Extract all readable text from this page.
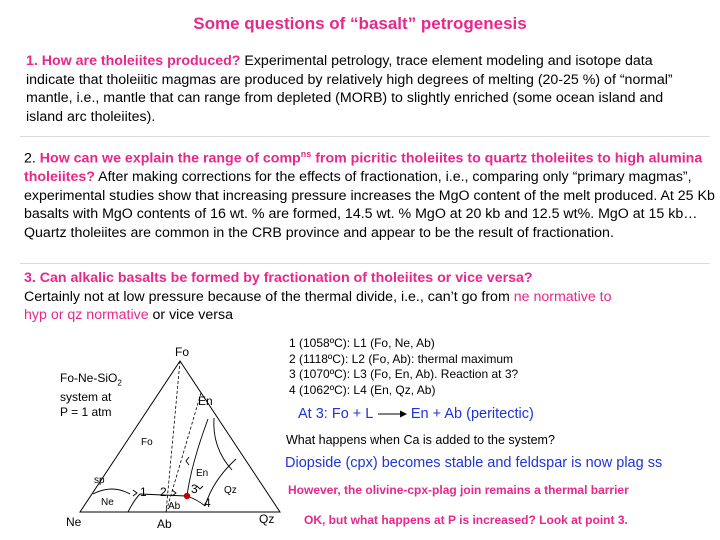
Some questions of “basalt” petrogenesis
1. How are tholeiites produced? Experimental petrology, trace element modeling and isotope data indicate that tholeiitic magmas are produced by relatively high degrees of melting (20-25 %) of “normal” mantle, i.e., mantle that can range from depleted (MORB) to slightly enriched (some ocean island and island arc tholeiites).
2. How can we explain the range of comp$^{ns}$ from picritic tholeiites to quartz tholeiites to high alumina tholeiites? After making corrections for the effects of fractionation, i.e., comparing only “primary magmas”, experimental studies show that increasing pressure increases the MgO content of the melt produced. At 25 Kb basalts with MgO contents of 16 wt. % are formed, 14.5 wt. % MgO at 20 kb and 12.5 wt%. MgO at 15 kb… Quartz tholeiites are common in the CRB province and appear to be the result of fractionation.
3. Can alkalic basalts be formed by fractionation of tholeiites or vice versa?
Certainly not at low pressure because of the thermal divide, i.e., can’t go from ne normative to hyp or qz normative or vice versa
Fo-Ne-SiO$_2$
system at
P = 1 atm
Fo
En
Ne	Ab	Qz
Fo
En
sp
Ne	Ab
Qz
1 2 3
4
1 (1058ºC): L1 (Fo, Ne, Ab)
2 (1118ºC): L2 (Fo, Ab): thermal maximum
3 (1070ºC): L3 (Fo, En, Ab). Reaction at 3?
4 (1062ºC): L4 (En, Qz, Ab)
At 3: Fo + L	En + Ab (peritectic)
What happens when Ca is added to the system?
Diopside (cpx) becomes stable and feldspar is now plag ss
However, the olivine-cpx-plag join remains a thermal barrier
OK, but what happens at P is increased? Look at point 3.
